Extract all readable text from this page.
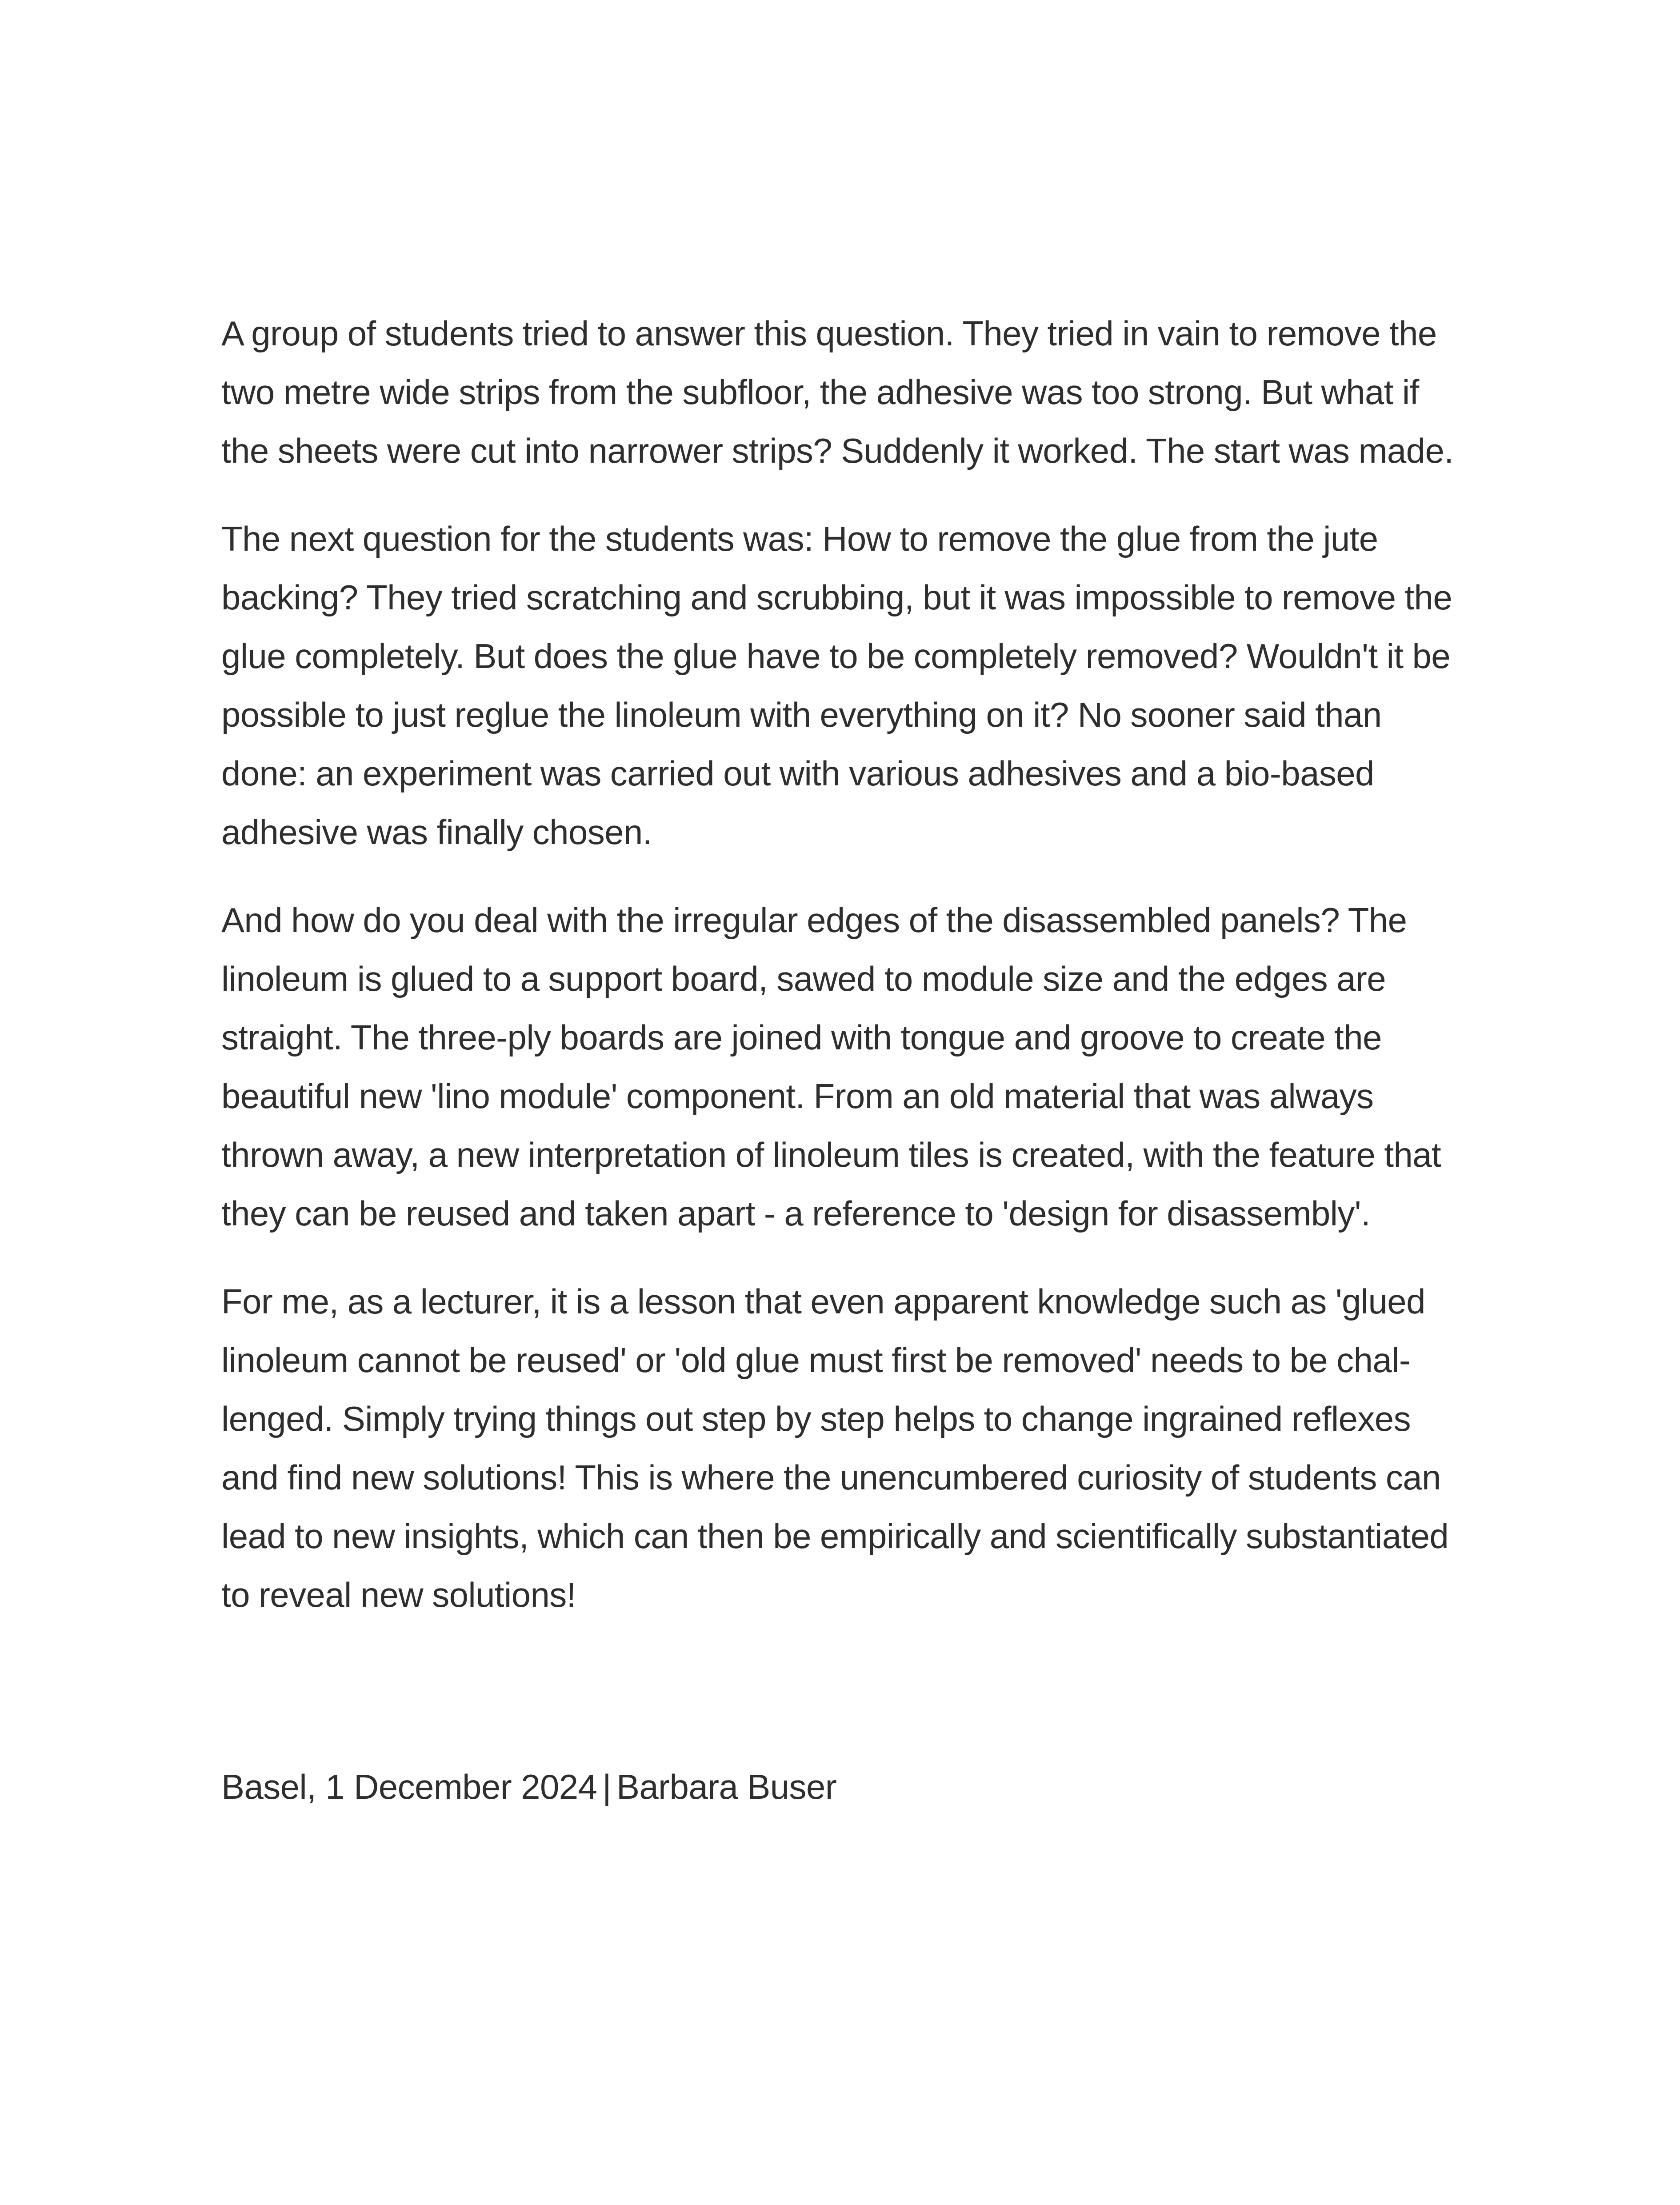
A group of students tried to answer this question. They tried in vain to remove the two metre wide strips from the subfloor, the adhesive was too strong. But what if the sheets were cut into narrower strips? Suddenly it worked. The start was made.

The next question for the students was: How to remove the glue from the jute backing? They tried scratching and scrubbing, but it was impossible to remove the glue completely. But does the glue have to be completely removed? Wouldn't it be possible to just reglue the linoleum with everything on it? No sooner said than done: an experiment was carried out with various adhesives and a bio-based adhesive was finally chosen.

And how do you deal with the irregular edges of the disassembled panels? The linoleum is glued to a support board, sawed to module size and the edges are straight. The three-ply boards are joined with tongue and groove to create the beautiful new 'lino module' component. From an old material that was always thrown away, a new interpretation of linoleum tiles is created, with the feature that they can be reused and taken apart - a reference to 'design for disassembly'.

For me, as a lecturer, it is a lesson that even apparent knowledge such as 'glued linoleum cannot be reused' or 'old glue must first be removed' needs to be challenged. Simply trying things out step by step helps to change ingrained reflexes and find new solutions! This is where the unencumbered curiosity of students can lead to new insights, which can then be empirically and scientifically substantiated to reveal new solutions!

Basel, 1 December 2024 | Barbara Buser
